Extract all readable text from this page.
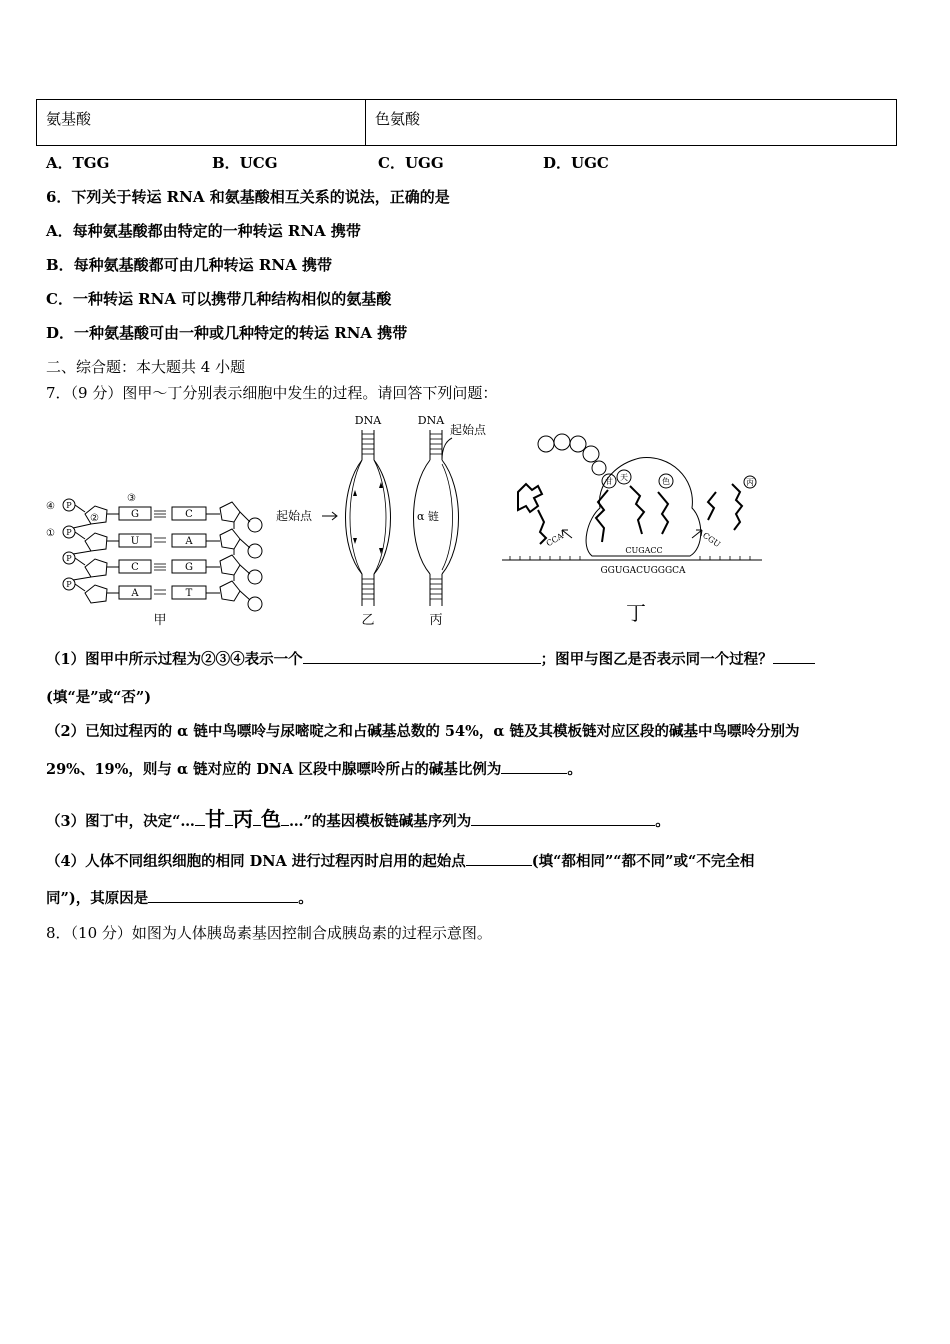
氨基酸	色氨酸
A．TGG	B．UCG	C．UGG	D．UGC
6．下列关于转运 RNA 和氨基酸相互关系的说法，正确的是
A．每种氨基酸都由特定的一种转运 RNA 携带
B．每种氨基酸都可由几种转运 RNA 携带
C．一种转运 RNA 可以携带几种结构相似的氨基酸
D．一种氨基酸可由一种或几种特定的转运 RNA 携带
二、综合题：本大题共 4 小题
7．（9 分）图甲～丁分别表示细胞中发生的过程。请回答下列问题：
④
①
②
③
P
P
P
P
G
U
C
A
C
A
G
T
甲
DNA
起始点
乙
DNA
起始点
α 链
丙
甘 天	色	丙
CCA
CUGACC
CGU
GGUGACUGGGCA
丁
（1）图甲中所示过程为②③④表示一个	；图甲与图乙是否表示同一个过程？
(填“是”或“否”)
（2）已知过程丙的 α 链中鸟嘌呤与尿嘧啶之和占碱基总数的 54%，α 链及其模板链对应区段的碱基中鸟嘌呤分别为
29%、19%，则与 α 链对应的 DNA 区段中腺嘌呤所占的碱基比例为	。
（3）图丁中，决定“… 甘 丙 色 …”的基因模板链碱基序列为	。
（4）人体不同组织细胞的相同 DNA 进行过程丙时启用的起始点	(填“都相同”“都不同”或“不完全相
同”)，其原因是	。
8．（10 分）如图为人体胰岛素基因控制合成胰岛素的过程示意图。
